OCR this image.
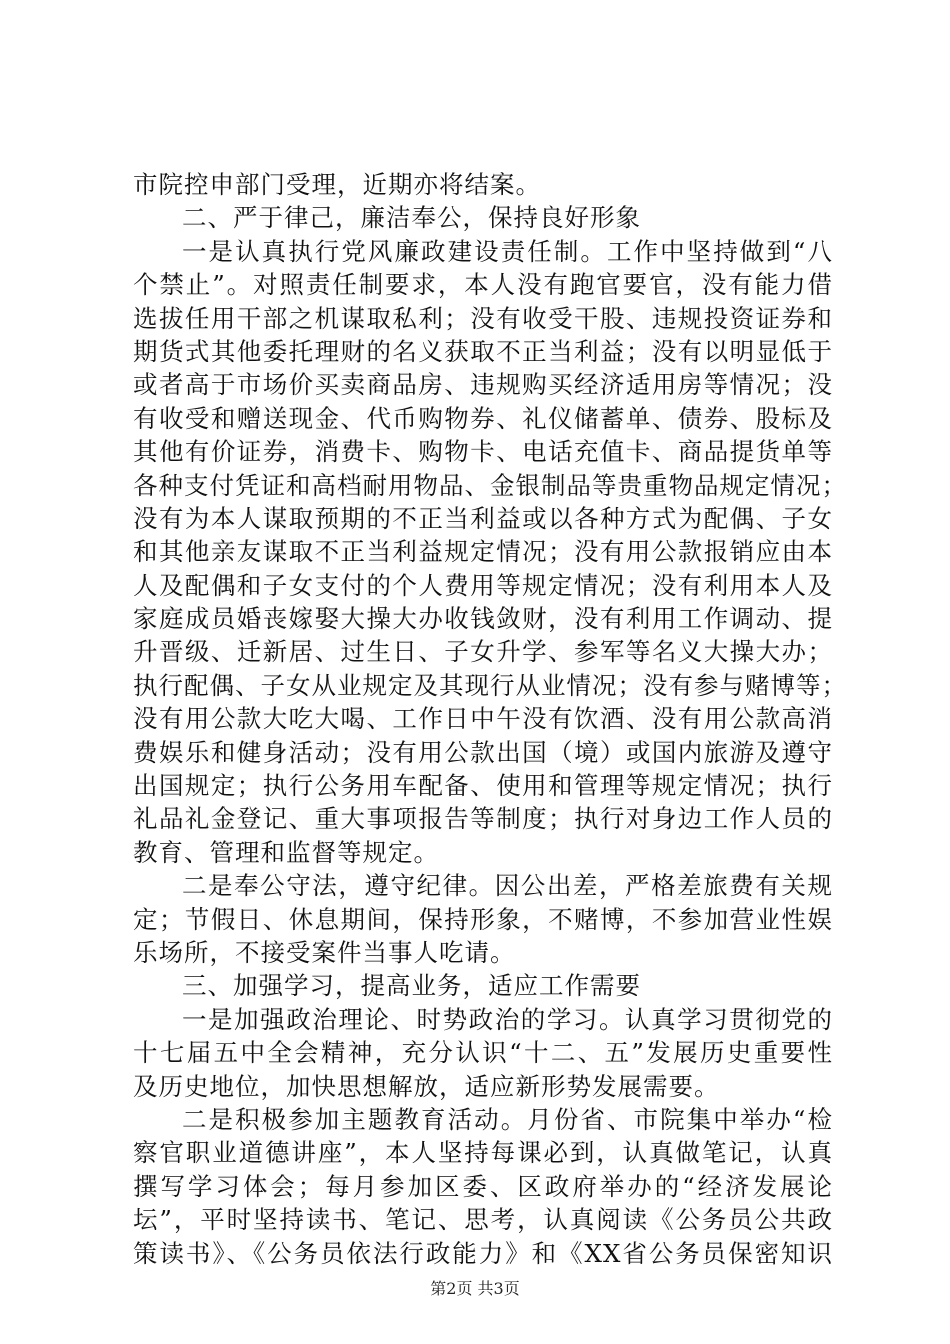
市院控申部门受理，近期亦将结案。
二、严于律己，廉洁奉公，保持良好形象
一是认真执行党风廉政建设责任制。工作中坚持做到“八
个禁止”。对照责任制要求，本人没有跑官要官，没有能力借
选拔任用干部之机谋取私利；没有收受干股、违规投资证券和
期货式其他委托理财的名义获取不正当利益；没有以明显低于
或者高于市场价买卖商品房、违规购买经济适用房等情况；没
有收受和赠送现金、代币购物券、礼仪储蓄单、债券、股标及
其他有价证券，消费卡、购物卡、电话充值卡、商品提货单等
各种支付凭证和高档耐用物品、金银制品等贵重物品规定情况；
没有为本人谋取预期的不正当利益或以各种方式为配偶、子女
和其他亲友谋取不正当利益规定情况；没有用公款报销应由本
人及配偶和子女支付的个人费用等规定情况；没有利用本人及
家庭成员婚丧嫁娶大操大办收钱敛财，没有利用工作调动、提
升晋级、迁新居、过生日、子女升学、参军等名义大操大办；
执行配偶、子女从业规定及其现行从业情况；没有参与赌博等；
没有用公款大吃大喝、工作日中午没有饮酒、没有用公款高消
费娱乐和健身活动；没有用公款出国（境）或国内旅游及遵守
出国规定；执行公务用车配备、使用和管理等规定情况；执行
礼品礼金登记、重大事项报告等制度；执行对身边工作人员的
教育、管理和监督等规定。
二是奉公守法，遵守纪律。因公出差，严格差旅费有关规
定；节假日、休息期间，保持形象，不赌博，不参加营业性娱
乐场所，不接受案件当事人吃请。
三、加强学习，提高业务，适应工作需要
一是加强政治理论、时势政治的学习。认真学习贯彻党的
十七届五中全会精神，充分认识“十二、五”发展历史重要性
及历史地位，加快思想解放，适应新形势发展需要。
二是积极参加主题教育活动。月份省、市院集中举办“检
察官职业道德讲座”，本人坚持每课必到，认真做笔记，认真
撰写学习体会；每月参加区委、区政府举办的“经济发展论
坛”，平时坚持读书、笔记、思考，认真阅读《公务员公共政
策读书》、《公务员依法行政能力》和《XX省公务员保密知识
第2页 共3页
